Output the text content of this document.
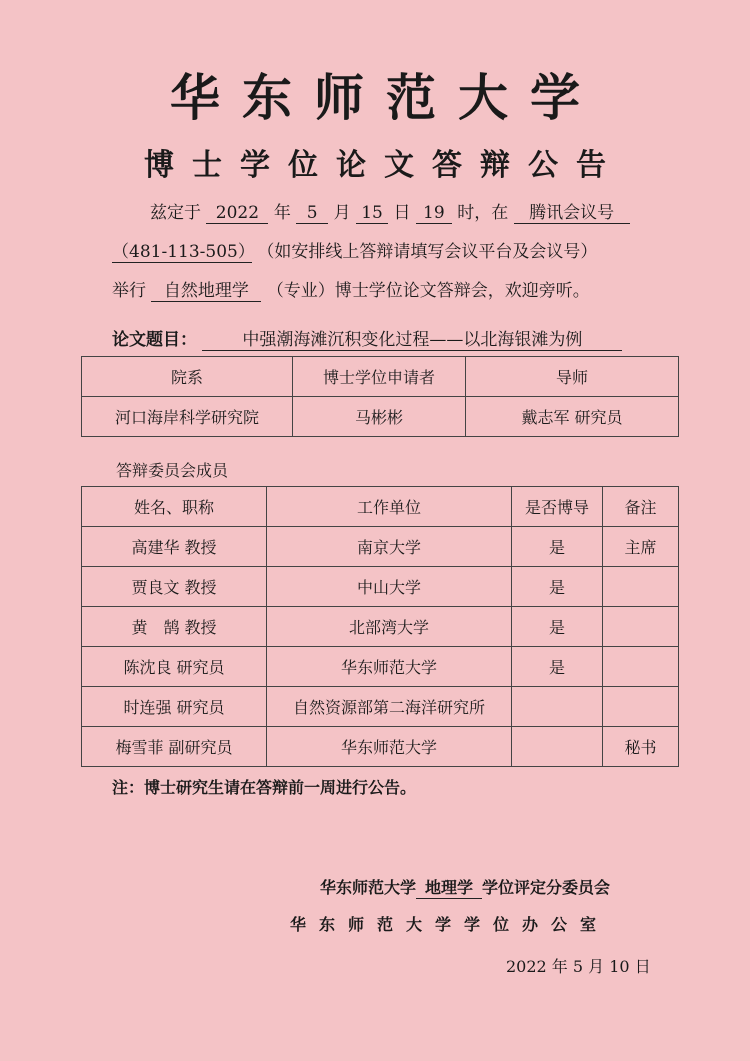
华东师范大学
博士学位论文答辩公告
兹定于 2022 年 5 月 15 日 19 时，在 腾讯会议号
（481-113-505） （如安排线上答辩请填写会议平台及会议号）
举行 自然地理学 （专业）博士学位论文答辩会，欢迎旁听。
论文题目：	中强潮海滩沉积变化过程——以北海银滩为例
院系	博士学位申请者	导师
河口海岸科学研究院	马彬彬	戴志军 研究员
答辩委员会成员
姓名、职称	工作单位	是否博导	备注
高建华 教授	南京大学	是	主席
贾良文 教授	中山大学	是	
黄　鹄 教授	北部湾大学	是	
陈沈良 研究员	华东师范大学	是	
时连强 研究员	自然资源部第二海洋研究所		
梅雪菲 副研究员	华东师范大学		秘书
注：博士研究生请在答辩前一周进行公告。
华东师范大学 地理学 学位评定分委员会
华东师范大学学位办公室
2022 年 5 月 10 日
